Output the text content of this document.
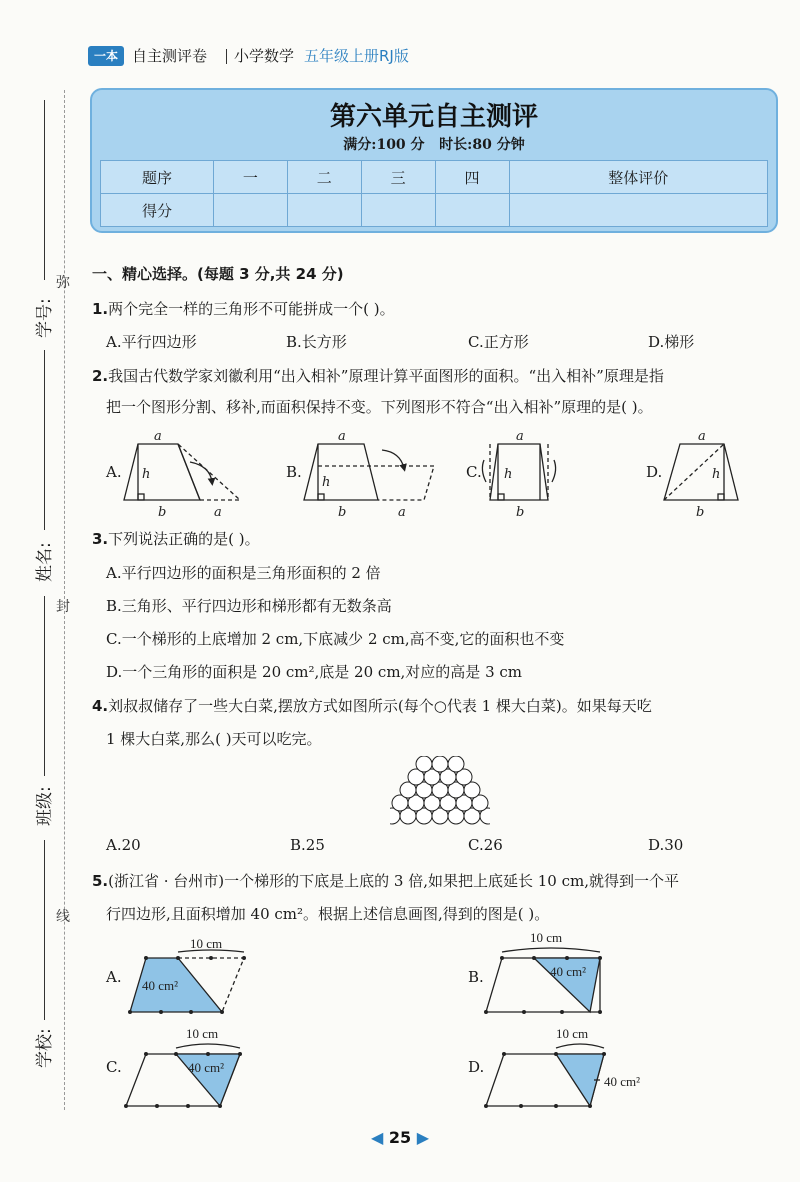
一本 自主测评卷 小学数学 五年级上册RJ版
第六单元自主测评
满分:100 分   时长:80 分钟
题序	一	二	三	四	整体评价
得分					
弥
封
线
学号:
姓名:
班级:
学校:
一、精心选择。(每题 3 分,共 24 分)
1.两个完全一样的三角形不可能拼成一个( )。
A.平行四边形	B.长方形	C.正方形	D.梯形
2.我国古代数学家刘徽利用“出入相补”原理计算平面图形的面积。“出入相补”原理是指
把一个图形分割、移补,而面积保持不变。下列图形不符合“出入相补”原理的是( )。
A.	B.	C.	D.
a
h
b	a
a
h
b	a
a
h
b
a
h
b
3.下列说法正确的是( )。
A.平行四边形的面积是三角形面积的 2 倍
B.三角形、平行四边形和梯形都有无数条高
C.一个梯形的上底增加 2 cm,下底减少 2 cm,高不变,它的面积也不变
D.一个三角形的面积是 20 cm²,底是 20 cm,对应的高是 3 cm
4.刘叔叔储存了一些大白菜,摆放方式如图所示(每个○代表 1 棵大白菜)。如果每天吃
1 棵大白菜,那么( )天可以吃完。
A.20	B.25	C.26	D.30
5.(浙江省 · 台州市)一个梯形的下底是上底的 3 倍,如果把上底延长 10 cm,就得到一个平
行四边形,且面积增加 40 cm²。根据上述信息画图,得到的图是( )。
A.	B.
C.	D.
10 cm
40 cm²
10 cm
40 cm²
10 cm
40 cm²
10 cm
40 cm²
◀ 25 ▶
